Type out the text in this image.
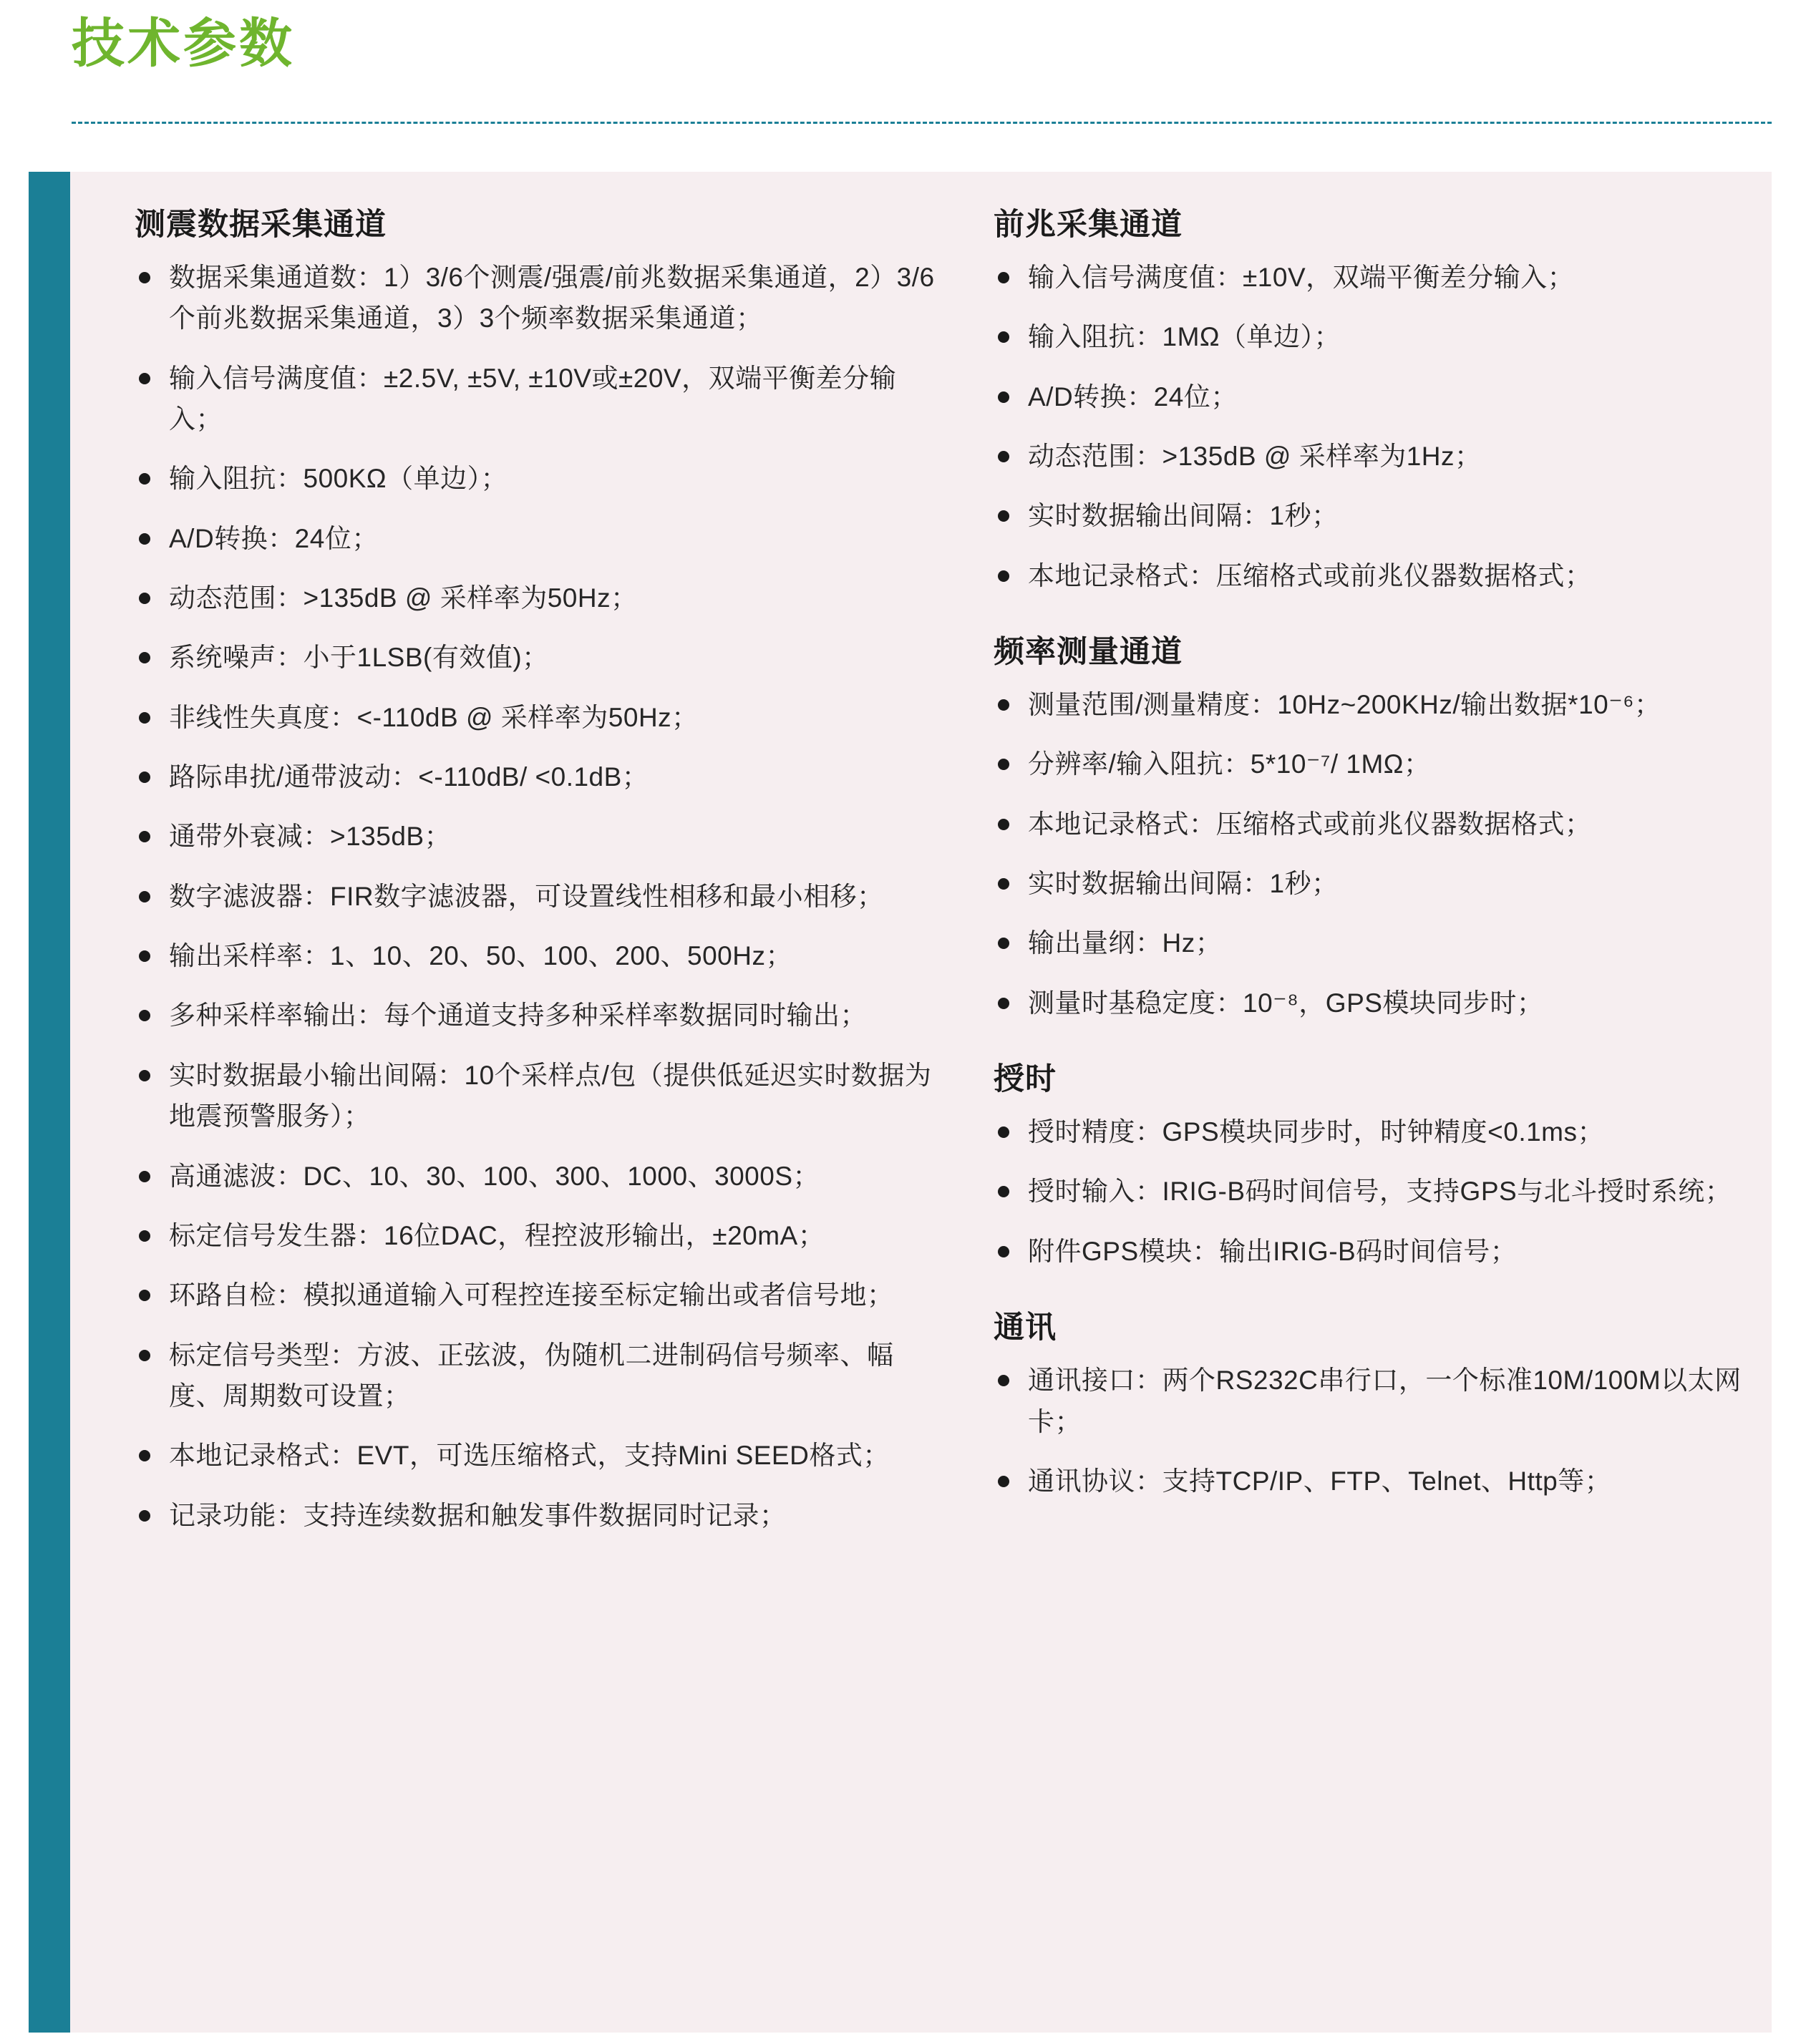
技术参数
测震数据采集通道
数据采集通道数：1）3/6个测震/强震/前兆数据采集通道，2）3/6个前兆数据采集通道，3）3个频率数据采集通道；
输入信号满度值：±2.5V, ±5V, ±10V或±20V，双端平衡差分输入；
输入阻抗：500KΩ（单边）；
A/D转换：24位；
动态范围：>135dB @ 采样率为50Hz；
系统噪声：小于1LSB(有效值)；
非线性失真度：<-110dB @ 采样率为50Hz；
路际串扰/通带波动：<-110dB/ <0.1dB；
通带外衰减：>135dB；
数字滤波器：FIR数字滤波器，可设置线性相移和最小相移；
输出采样率：1、10、20、50、100、200、500Hz；
多种采样率输出：每个通道支持多种采样率数据同时输出；
实时数据最小输出间隔：10个采样点/包（提供低延迟实时数据为地震预警服务）；
高通滤波：DC、10、30、100、300、1000、3000S；
标定信号发生器：16位DAC，程控波形输出，±20mA；
环路自检：模拟通道输入可程控连接至标定输出或者信号地；
标定信号类型：方波、正弦波，伪随机二进制码信号频率、幅度、周期数可设置；
本地记录格式：EVT，可选压缩格式，支持Mini SEED格式；
记录功能：支持连续数据和触发事件数据同时记录；
前兆采集通道
输入信号满度值：±10V，双端平衡差分输入；
输入阻抗：1MΩ（单边）；
A/D转换：24位；
动态范围：>135dB @ 采样率为1Hz；
实时数据输出间隔：1秒；
本地记录格式：压缩格式或前兆仪器数据格式；
频率测量通道
测量范围/测量精度：10Hz~200KHz/输出数据*10⁻⁶；
分辨率/输入阻抗：5*10⁻⁷/ 1MΩ；
本地记录格式：压缩格式或前兆仪器数据格式；
实时数据输出间隔：1秒；
输出量纲：Hz；
测量时基稳定度：10⁻⁸，GPS模块同步时；
授时
授时精度：GPS模块同步时，时钟精度<0.1ms；
授时输入：IRIG-B码时间信号，支持GPS与北斗授时系统；
附件GPS模块：输出IRIG-B码时间信号；
通讯
通讯接口：两个RS232C串行口，一个标准10M/100M以太网卡；
通讯协议：支持TCP/IP、FTP、Telnet、Http等；
